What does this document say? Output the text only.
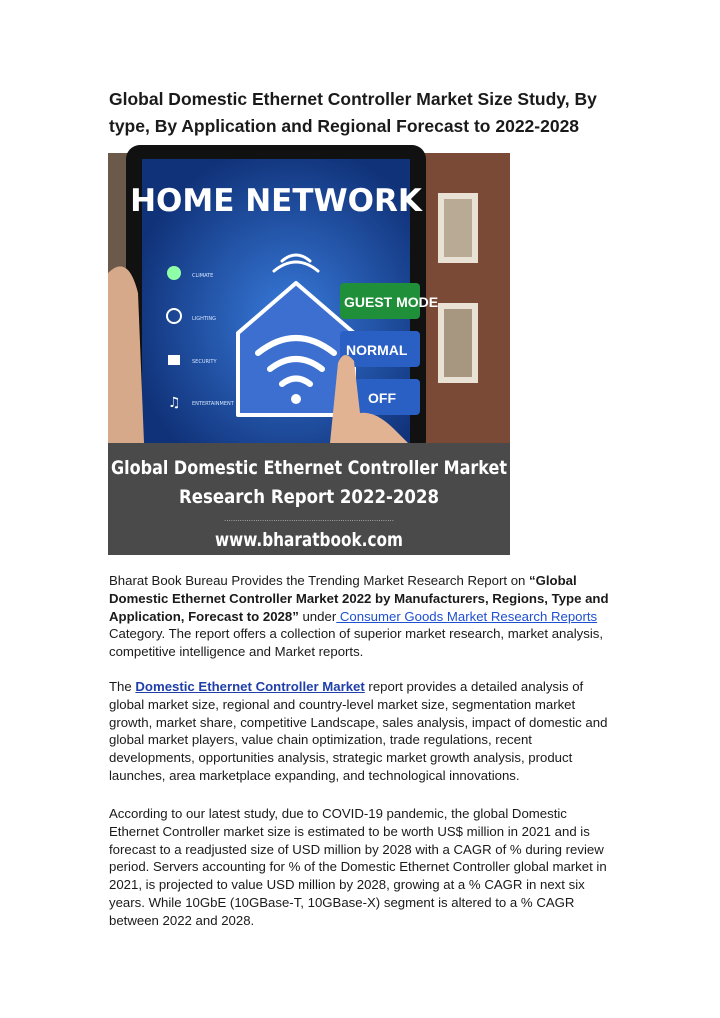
Global Domestic Ethernet Controller Market Size Study, By type, By Application and Regional Forecast to 2022-2028
HOME NETWORK
CLIMATE
LIGHTING
SECURITY
♫ ENTERTAINMENT
GUEST MODE
NORMAL
OFF
Global Domestic Ethernet Controller Market
Research Report 2022-2028
............................................................................
www.bharatbook.com

Bharat Book Bureau Provides the Trending Market Research Report on “Global Domestic Ethernet Controller Market 2022 by Manufacturers, Regions, Type and Application, Forecast to 2028” under Consumer Goods Market Research Reports
Category. The report offers a collection of superior market research, market analysis, competitive intelligence and Market reports.

The Domestic Ethernet Controller Market report provides a detailed analysis of global market size, regional and country-level market size, segmentation market growth, market share, competitive Landscape, sales analysis, impact of domestic and global market players, value chain optimization, trade regulations, recent developments, opportunities analysis, strategic market growth analysis, product launches, area marketplace expanding, and technological innovations.

According to our latest study, due to COVID-19 pandemic, the global Domestic Ethernet Controller market size is estimated to be worth US$ million in 2021 and is forecast to a readjusted size of USD million by 2028 with a CAGR of % during review period. Servers accounting for % of the Domestic Ethernet Controller global market in 2021, is projected to value USD million by 2028, growing at a % CAGR in next six years. While 10GbE (10GBase-T, 10GBase-X) segment is altered to a % CAGR between 2022 and 2028.
